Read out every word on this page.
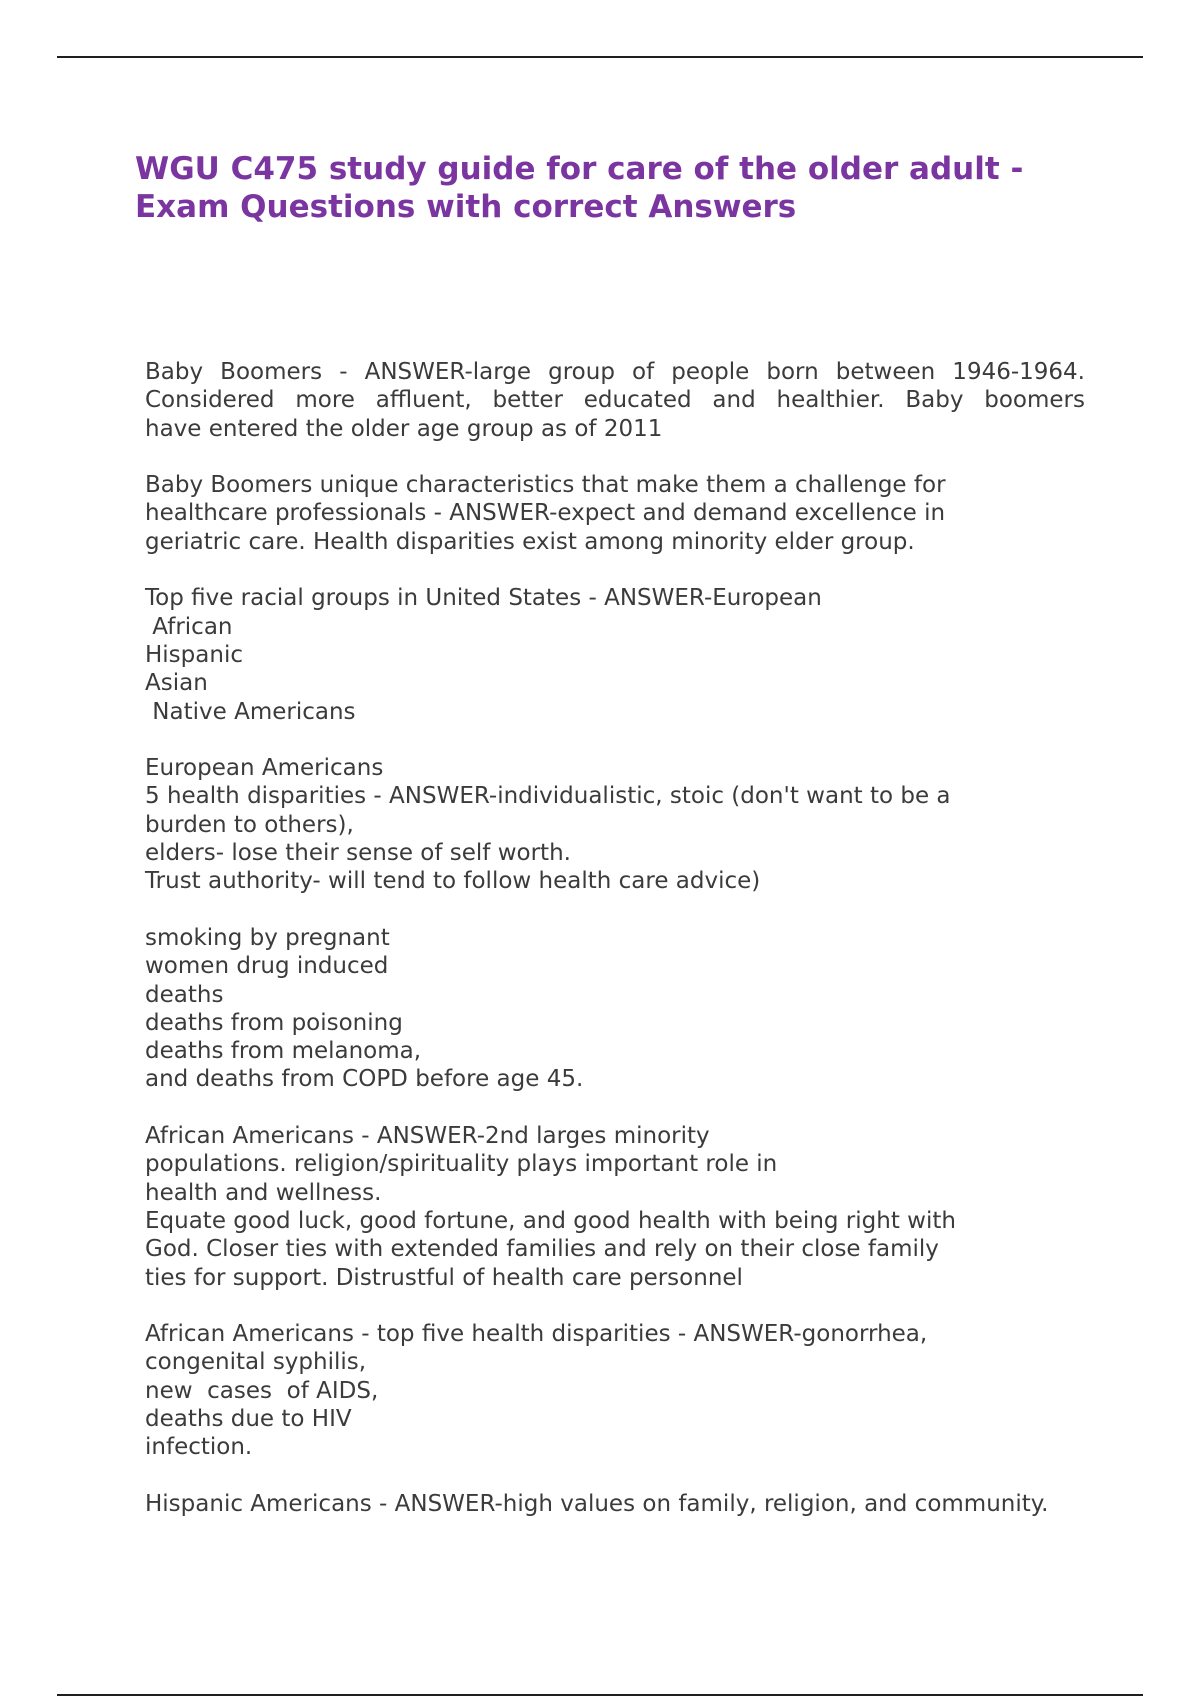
WGU C475 study guide for care of the older adult -
Exam Questions with correct Answers
Baby Boomers - ANSWER-large group of people born between 1946-1964.
Considered more affluent, better educated and healthier. Baby boomers
have entered the older age group as of 2011
Baby Boomers unique characteristics that make them a challenge for
healthcare professionals - ANSWER-expect and demand excellence in
geriatric care. Health disparities exist among minority elder group.
Top five racial groups in United States - ANSWER-European
African
Hispanic
Asian
Native Americans
European Americans
5 health disparities - ANSWER-individualistic, stoic (don't want to be a
burden to others),
elders- lose their sense of self worth.
Trust authority- will tend to follow health care advice)
smoking by pregnant
women drug induced
deaths
deaths from poisoning
deaths from melanoma,
and deaths from COPD before age 45.
African Americans - ANSWER-2nd larges minority
populations. religion/spirituality plays important role in
health and wellness.
Equate good luck, good fortune, and good health with being right with
God. Closer ties with extended families and rely on their close family
ties for support. Distrustful of health care personnel
African Americans - top five health disparities - ANSWER-gonorrhea,
congenital syphilis,
new  cases  of AIDS,
deaths due to HIV
infection.
Hispanic Americans - ANSWER-high values on family, religion, and community.
